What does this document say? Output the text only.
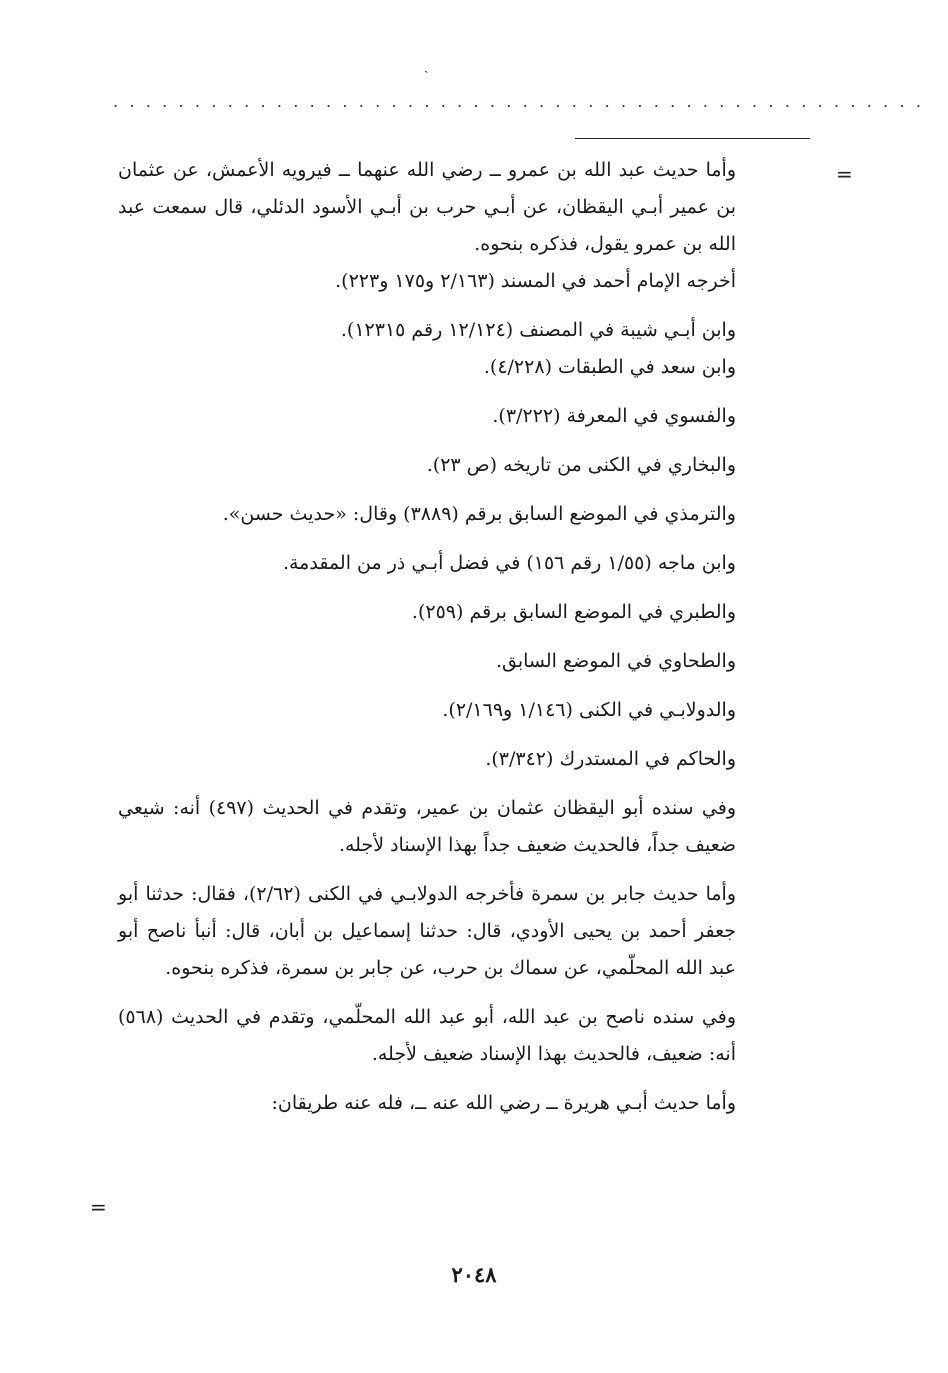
ˎ
..................................................
=

وأما حديث عبد الله بن عمرو ــ رضي الله عنهما ــ فيرويه الأعمش، عن عثمان بن عمير أبـي اليقظان، عن أبـي حرب بن أبـي الأسود الدئلي، قال سمعت عبد الله بن عمرو يقول، فذكره بنحوه.

أخرجه الإمام أحمد في المسند (٢/١٦٣ و١٧٥ و٢٢٣).

وابن أبـي شيبة في المصنف (١٢/١٢٤ رقم ١٢٣١٥).

وابن سعد في الطبقات (٤/٢٢٨).

والفسوي في المعرفة (٣/٢٢٢).

والبخاري في الكنى من تاريخه (ص ٢٣).

والترمذي في الموضع السابق برقم (٣٨٨٩) وقال: «حديث حسن».

وابن ماجه (١/٥٥ رقم ١٥٦) في فضل أبـي ذر من المقدمة.

والطبري في الموضع السابق برقم (٢٥٩).

والطحاوي في الموضع السابق.

والدولابـي في الكنى (١/١٤٦ و٢/١٦٩).

والحاكم في المستدرك (٣/٣٤٢).

وفي سنده أبو اليقظان عثمان بن عمير، وتقدم في الحديث (٤٩٧) أنه: شيعي ضعيف جداً، فالحديث ضعيف جداً بهذا الإسناد لأجله.

وأما حديث جابر بن سمرة فأخرجه الدولابـي في الكنى (٢/٦٢)، فقال: حدثنا أبو جعفر أحمد بن يحيى الأودي، قال: حدثنا إسماعيل بن أبان، قال: أنبأ ناصح أبو عبد الله المحلّمي، عن سماك بن حرب، عن جابر بن سمرة، فذكره بنحوه.

وفي سنده ناصح بن عبد الله، أبو عبد الله المحلّمي، وتقدم في الحديث (٥٦٨) أنه: ضعيف، فالحديث بهذا الإسناد ضعيف لأجله.

وأما حديث أبـي هريرة ــ رضي الله عنه ــ، فله عنه طريقان:

=
٢٠٤٨
